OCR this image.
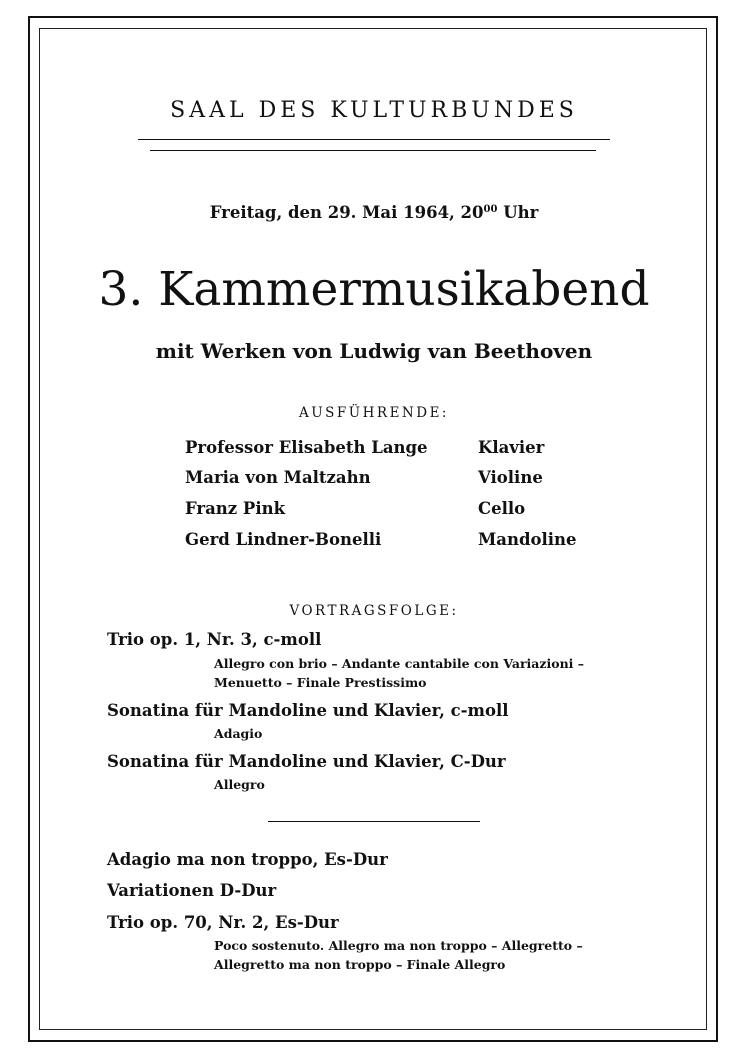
SAAL DES KULTURBUNDES
Freitag, den 29. Mai 1964, $20^{00}$ Uhr
3. Kammermusikabend
mit Werken von Ludwig van Beethoven
AUSFÜHRENDE:
Professor Elisabeth Lange	Klavier
Maria von Maltzahn	Violine
Franz Pink	Cello
Gerd Lindner-Bonelli	Mandoline
VORTRAGSFOLGE:
Trio op. 1, Nr. 3, c-moll
Allegro con brio – Andante cantabile con Variazioni –
Menuetto – Finale Prestissimo
Sonatina für Mandoline und Klavier, c-moll
Adagio
Sonatina für Mandoline und Klavier, C-Dur
Allegro
Adagio ma non troppo, Es-Dur
Variationen D-Dur
Trio op. 70, Nr. 2, Es-Dur
Poco sostenuto. Allegro ma non troppo – Allegretto –
Allegretto ma non troppo – Finale Allegro
